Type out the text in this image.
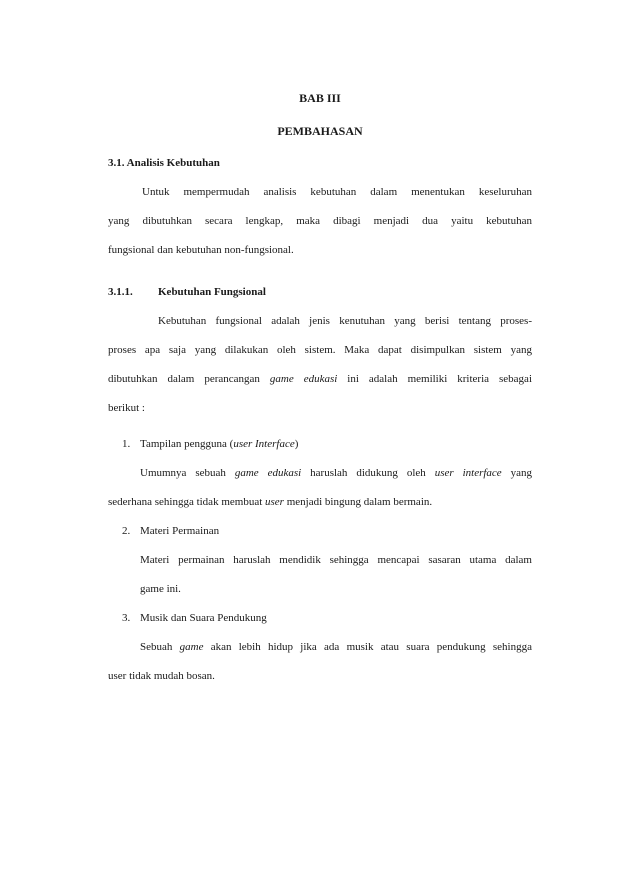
BAB III
PEMBAHASAN
3.1. Analisis Kebutuhan
Untuk mempermudah analisis kebutuhan dalam menentukan keseluruhan
yang dibutuhkan secara lengkap, maka dibagi menjadi dua yaitu kebutuhan
fungsional dan kebutuhan non-fungsional.
3.1.1. Kebutuhan Fungsional
Kebutuhan fungsional adalah jenis kenutuhan yang berisi tentang proses-
proses apa saja yang dilakukan oleh sistem. Maka dapat disimpulkan sistem yang
dibutuhkan dalam perancangan game edukasi ini adalah memiliki kriteria sebagai
berikut :
1. Tampilan pengguna (user Interface)
Umumnya sebuah game edukasi haruslah didukung oleh user interface yang
sederhana sehingga tidak membuat user menjadi bingung dalam bermain.
2. Materi Permainan
Materi permainan haruslah mendidik sehingga mencapai sasaran utama dalam
game ini.
3. Musik dan Suara Pendukung
Sebuah game akan lebih hidup jika ada musik atau suara pendukung sehingga
user tidak mudah bosan.
